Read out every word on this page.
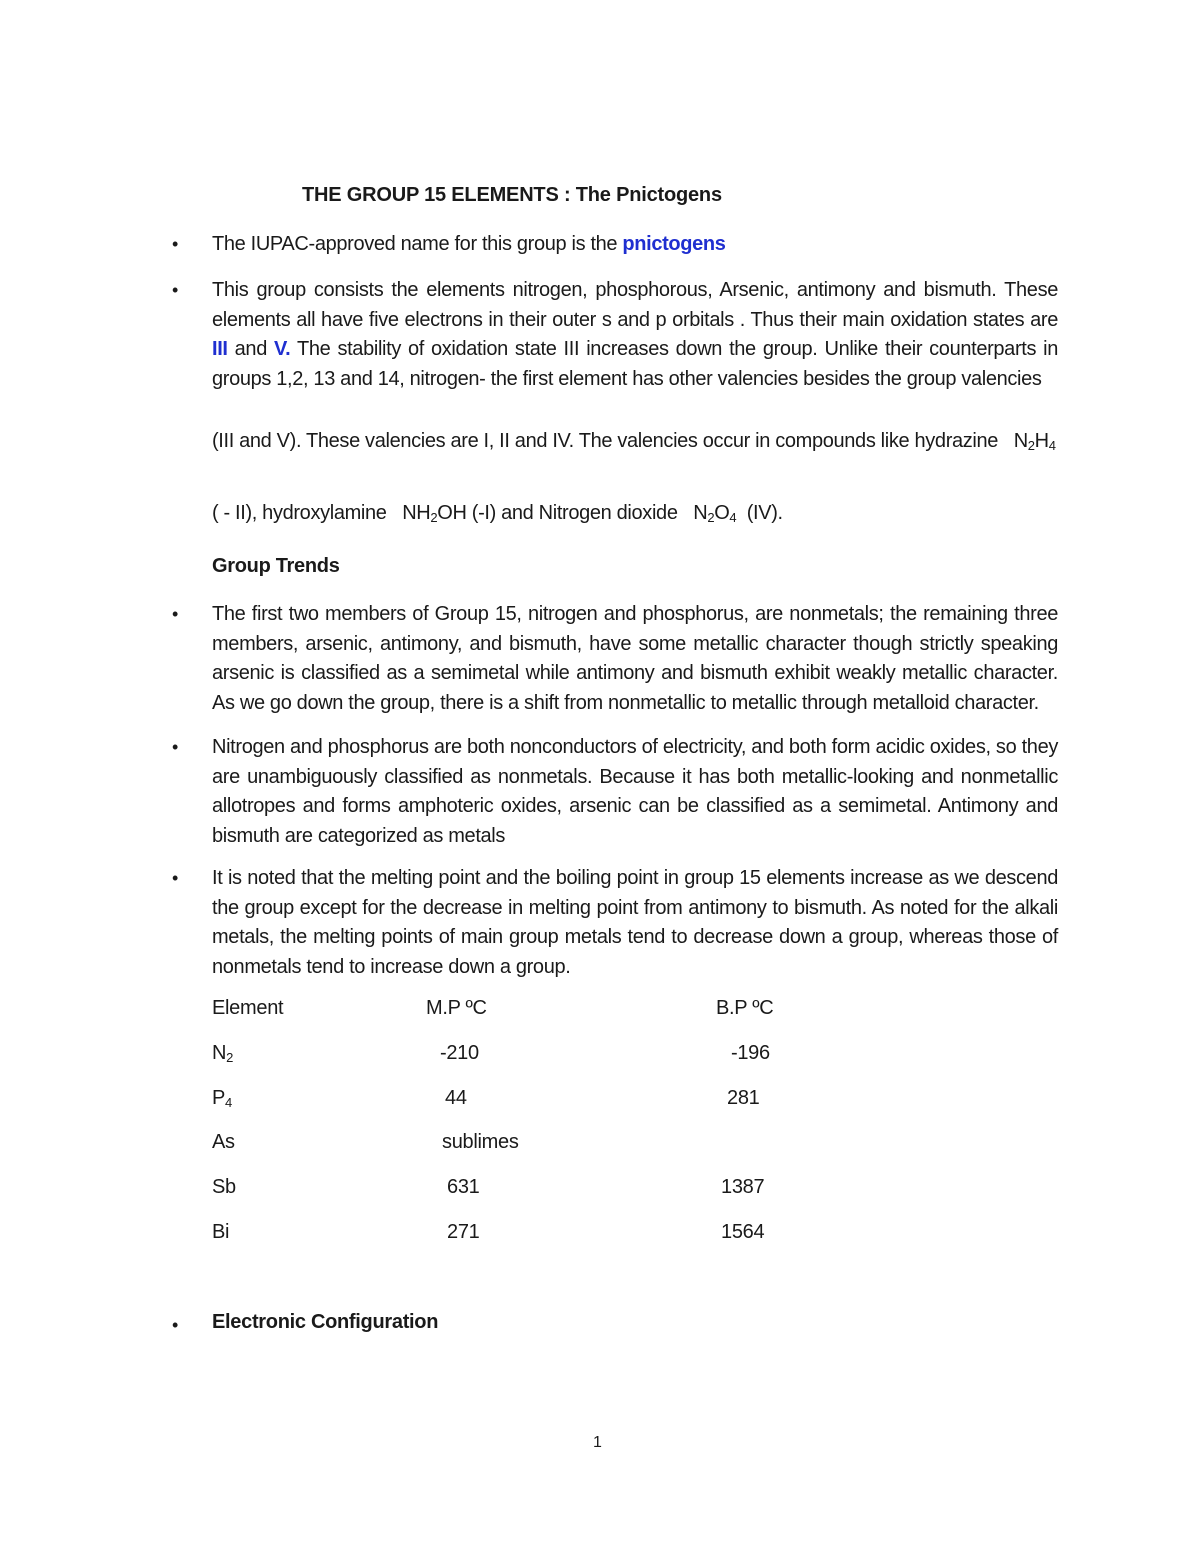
THE GROUP 15 ELEMENTS : The Pnictogens
• The IUPAC-approved name for this group is the pnictogens
• This group consists the elements nitrogen, phosphorous, Arsenic, antimony and bismuth. These elements all have five electrons in their outer s and p orbitals . Thus their main oxidation states are III and V. The stability of oxidation state III increases down the group. Unlike their counterparts in groups 1,2, 13 and 14, nitrogen- the first element has other valencies besides the group valencies
(III and V). These valencies are I, II and IV. The valencies occur in compounds like hydrazine   $N_2H_4$
( - II), hydroxylamine   $NH_2OH$ (-I) and Nitrogen dioxide   $N_2O_4$  (IV).
Group Trends
• The first two members of Group 15, nitrogen and phosphorus, are nonmetals; the remaining three members, arsenic, antimony, and bismuth, have some metallic character though strictly speaking arsenic is classified as a semimetal while antimony and bismuth exhibit weakly metallic character. As we go down the group, there is a shift from nonmetallic to metallic through metalloid character.
• Nitrogen and phosphorus are both nonconductors of electricity, and both form acidic oxides, so they are unambiguously classified as nonmetals. Because it has both metallic-looking and nonmetallic allotropes and forms amphoteric oxides, arsenic can be classified as a semimetal. Antimony and bismuth are categorized as metals
• It is noted that the melting point and the boiling point in group 15 elements increase as we descend the group except for the decrease in melting point from antimony to bismuth. As noted for the alkali metals, the melting points of main group metals tend to decrease down a group, whereas those of nonmetals tend to increase down a group.
Element	M.P ºC	B.P ºC
$N_2$	-210	-196
$P_4$	44	281
As	sublimes
Sb	631	1387
Bi	271	1564
• Electronic Configuration
1
